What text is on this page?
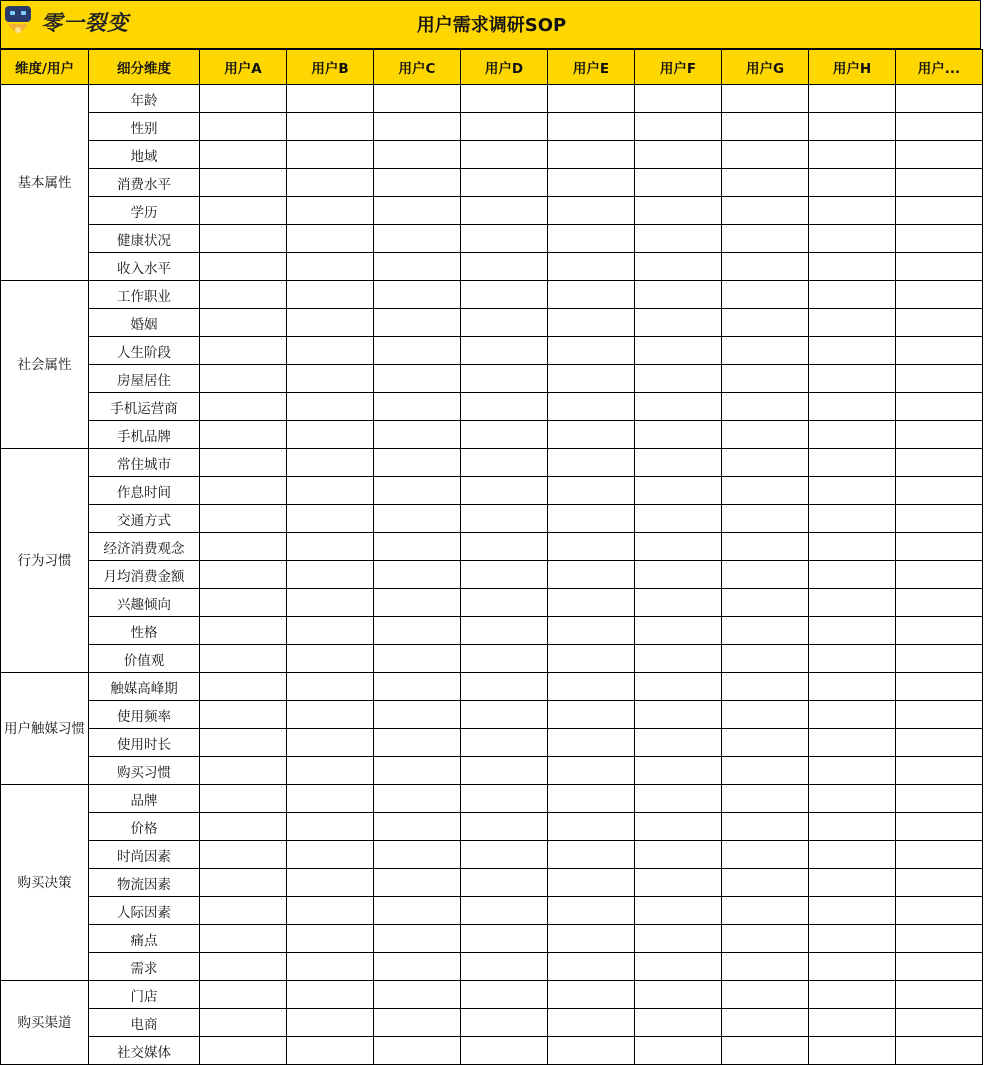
用户需求调研SOP
零一裂变
维度/用户	细分维度	用户A	用户B	用户C	用户D	用户E	用户F	用户G	用户H	用户...
基本属性	年龄									
	性别									
	地域									
	消费水平									
	学历									
	健康状况									
	收入水平									
社会属性	工作职业									
	婚姻									
	人生阶段									
	房屋居住									
	手机运营商									
	手机品牌									
行为习惯	常住城市									
	作息时间									
	交通方式									
	经济消费观念									
	月均消费金额									
	兴趣倾向									
	性格									
	价值观									
用户触媒习惯	触媒高峰期									
	使用频率									
	使用时长									
	购买习惯									
购买决策	品牌									
	价格									
	时尚因素									
	物流因素									
	人际因素									
	痛点									
	需求									
购买渠道	门店									
	电商									
	社交媒体									
